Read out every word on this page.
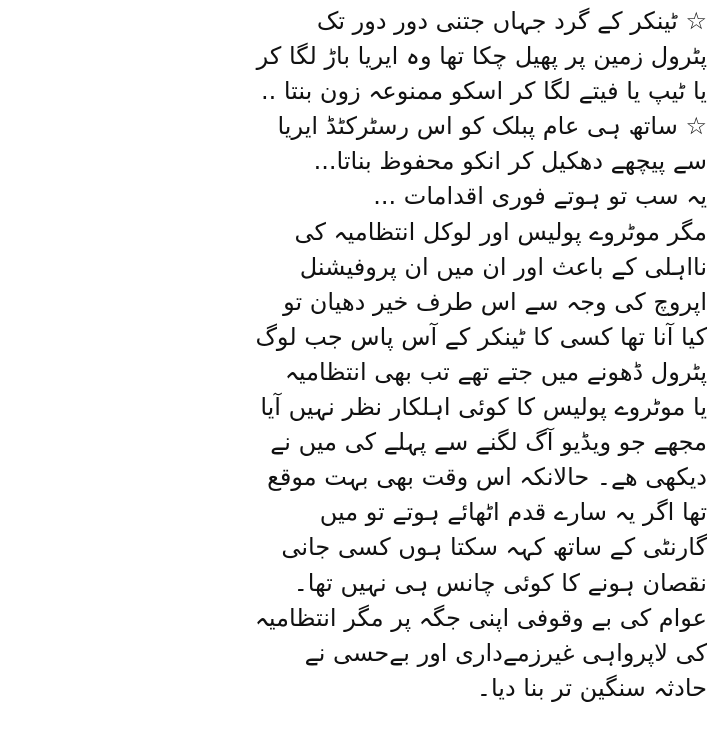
☆ ٹینکر کے گرد جہاں جتنی دور دور تک
پٹرول زمین پر پھیل چکا تھا وہ ایریا باڑ لگا کر
یا ٹیپ یا فیتے لگا کر اسکو ممنوعہ زون بنتا ..
☆ ساتھ ہی عام پبلک کو اس رسٹرکٹڈ ایریا
سے پیچھے دھکیل کر انکو محفوظ بناتا...
یہ سب تو ہوتے فوری اقدامات ...
مگر موٹروے پولیس اور لوکل انتظامیہ کی
نااہلی کے باعث اور ان میں ان پروفیشنل
اپروچ کی وجہ سے اس طرف خیر دھیان تو
کیا آنا تھا کسی کا ٹینکر کے آس پاس جب لوگ
پٹرول ڈھونے میں جتے تھے تب بھی انتظامیہ
یا موٹروے پولیس کا کوئی اہلکار نظر نہیں آیا
مجھے جو ویڈیو آگ لگنے سے پہلے کی میں نے
دیکھی ھے۔ حالانکہ اس وقت بھی بہت موقع
تھا اگر یہ سارے قدم اٹھائے ہوتے تو میں
گارنٹی کے ساتھ کہہ سکتا ہوں کسی جانی
نقصان ہونے کا کوئی چانس ہی نہیں تھا۔
عوام کی بے وقوفی اپنی جگہ پر مگر انتظامیہ
کی لاپرواہی غیرزمےداری اور بےحسی نے
حادثہ سنگین تر بنا دیا۔
